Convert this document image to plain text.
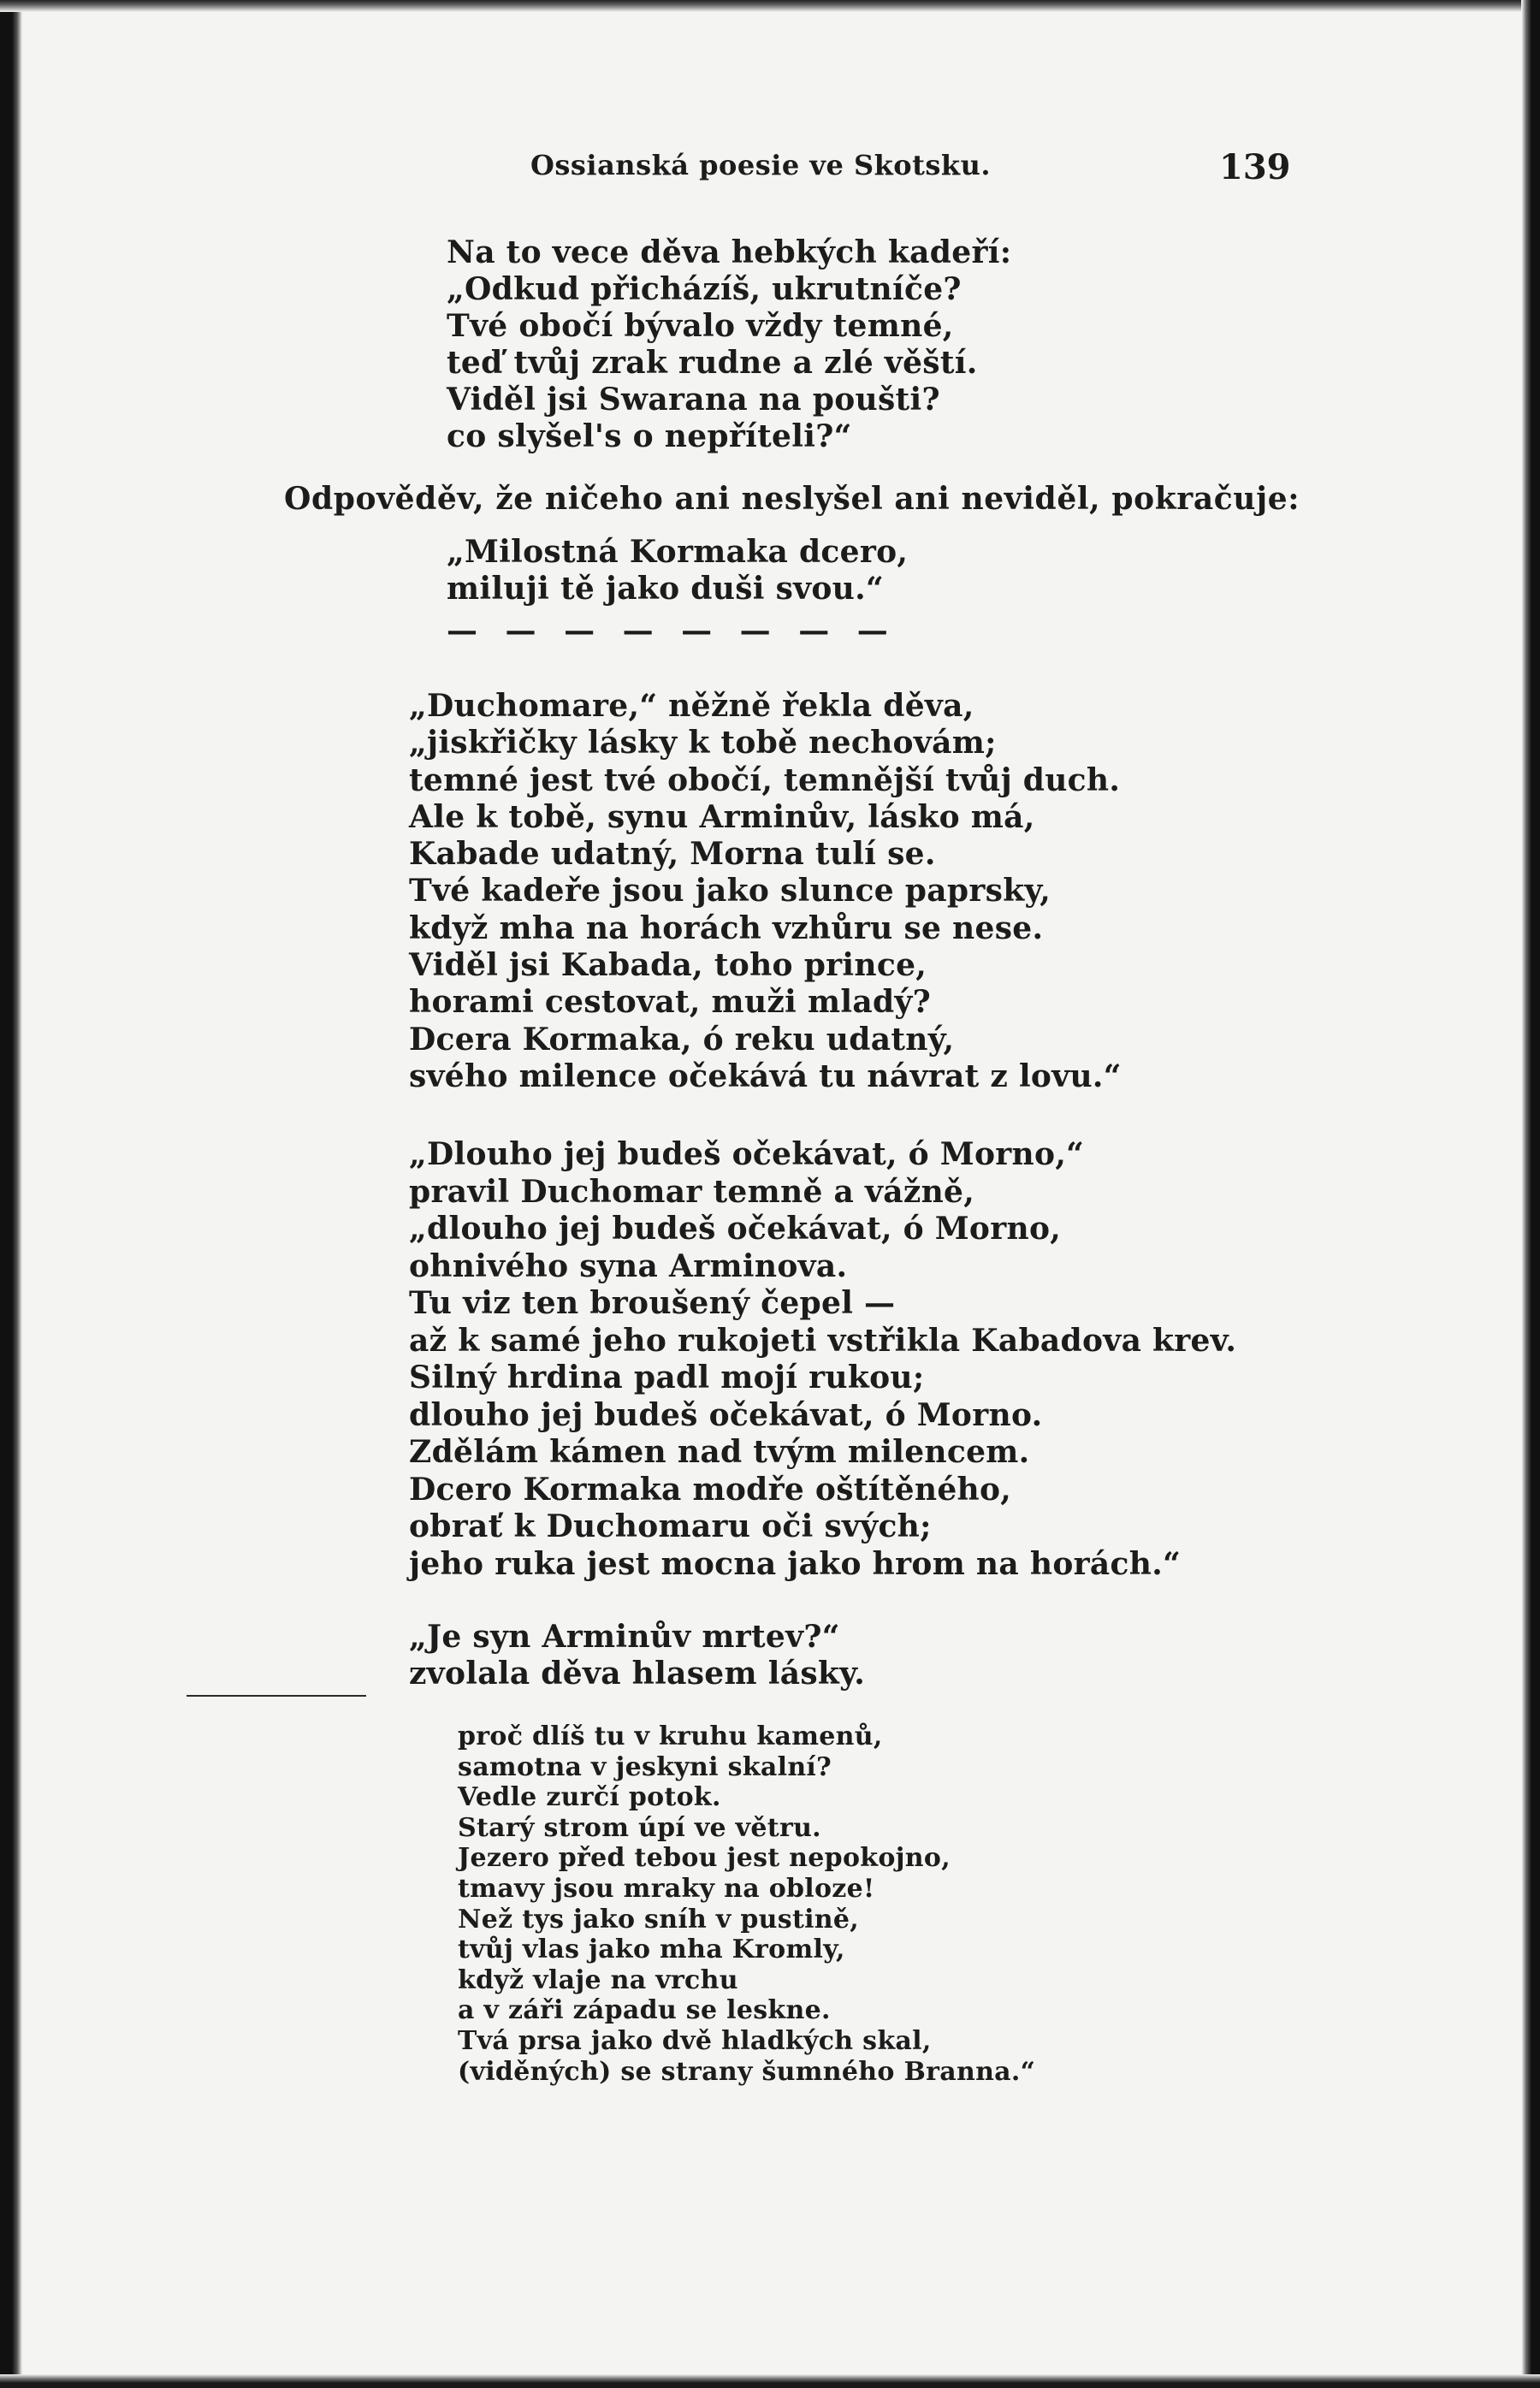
Ossianská poesie ve Skotsku.	139
Na to vece děva hebkých kadeří:
„Odkud přicházíš, ukrutníče?
Tvé obočí bývalo vždy temné,
teď tvůj zrak rudne a zlé věští.
Viděl jsi Swarana na poušti?
co slyšel's o nepříteli?“
Odpověděv, že ničeho ani neslyšel ani neviděl, pokračuje:
„Milostná Kormaka dcero,
miluji tě jako duši svou.“
— — — — — — — —
„Duchomare,“ něžně řekla děva,
„jiskřičky lásky k tobě nechovám;
temné jest tvé obočí, temnější tvůj duch.
Ale k tobě, synu Arminův, lásko má,
Kabade udatný, Morna tulí se.
Tvé kadeře jsou jako slunce paprsky,
když mha na horách vzhůru se nese.
Viděl jsi Kabada, toho prince,
horami cestovat, muži mladý?
Dcera Kormaka, ó reku udatný,
svého milence očekává tu návrat z lovu.“
„Dlouho jej budeš očekávat, ó Morno,“
pravil Duchomar temně a vážně,
„dlouho jej budeš očekávat, ó Morno,
ohnivého syna Arminova.
Tu viz ten broušený čepel —
až k samé jeho rukojeti vstřikla Kabadova krev.
Silný hrdina padl mojí rukou;
dlouho jej budeš očekávat, ó Morno.
Zdělám kámen nad tvým milencem.
Dcero Kormaka modře oštítěného,
obrať k Duchomaru oči svých;
jeho ruka jest mocna jako hrom na horách.“
„Je syn Arminův mrtev?“
zvolala děva hlasem lásky.
proč dlíš tu v kruhu kamenů,
samotna v jeskyni skalní?
Vedle zurčí potok.
Starý strom úpí ve větru.
Jezero před tebou jest nepokojno,
tmavy jsou mraky na obloze!
Než tys jako sníh v pustině,
tvůj vlas jako mha Kromly,
když vlaje na vrchu
a v záři západu se leskne.
Tvá prsa jako dvě hladkých skal,
(viděných) se strany šumného Branna.“
